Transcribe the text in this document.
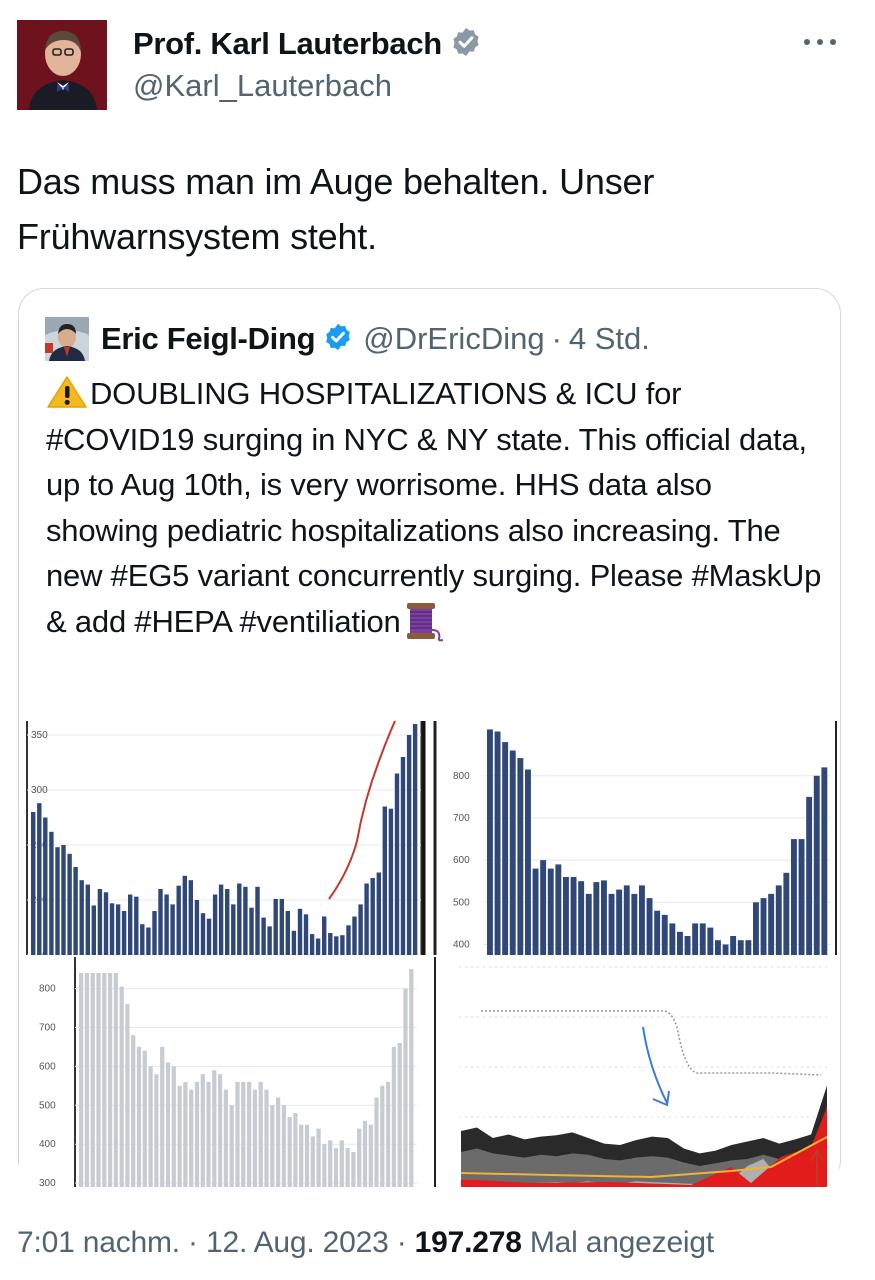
Prof. Karl Lauterbach
@Karl_Lauterbach
Das muss man im Auge behalten. Unser Frühwarnsystem steht.
Eric Feigl-Ding @DrEricDing · 4 Std.
DOUBLING HOSPITALIZATIONS & ICU for #COVID19 surging in NYC & NY state. This official data, up to Aug 10th, is very worrisome. HHS data also showing pediatric hospitalizations also increasing. The new #EG5 variant concurrently surging. Please #MaskUp & add #HEPA #ventiliation
300
350
400
500
600
700
800
300
400
500
600
700
800
7:01 nachm. · 12. Aug. 2023 · 197.278 Mal angezeigt
